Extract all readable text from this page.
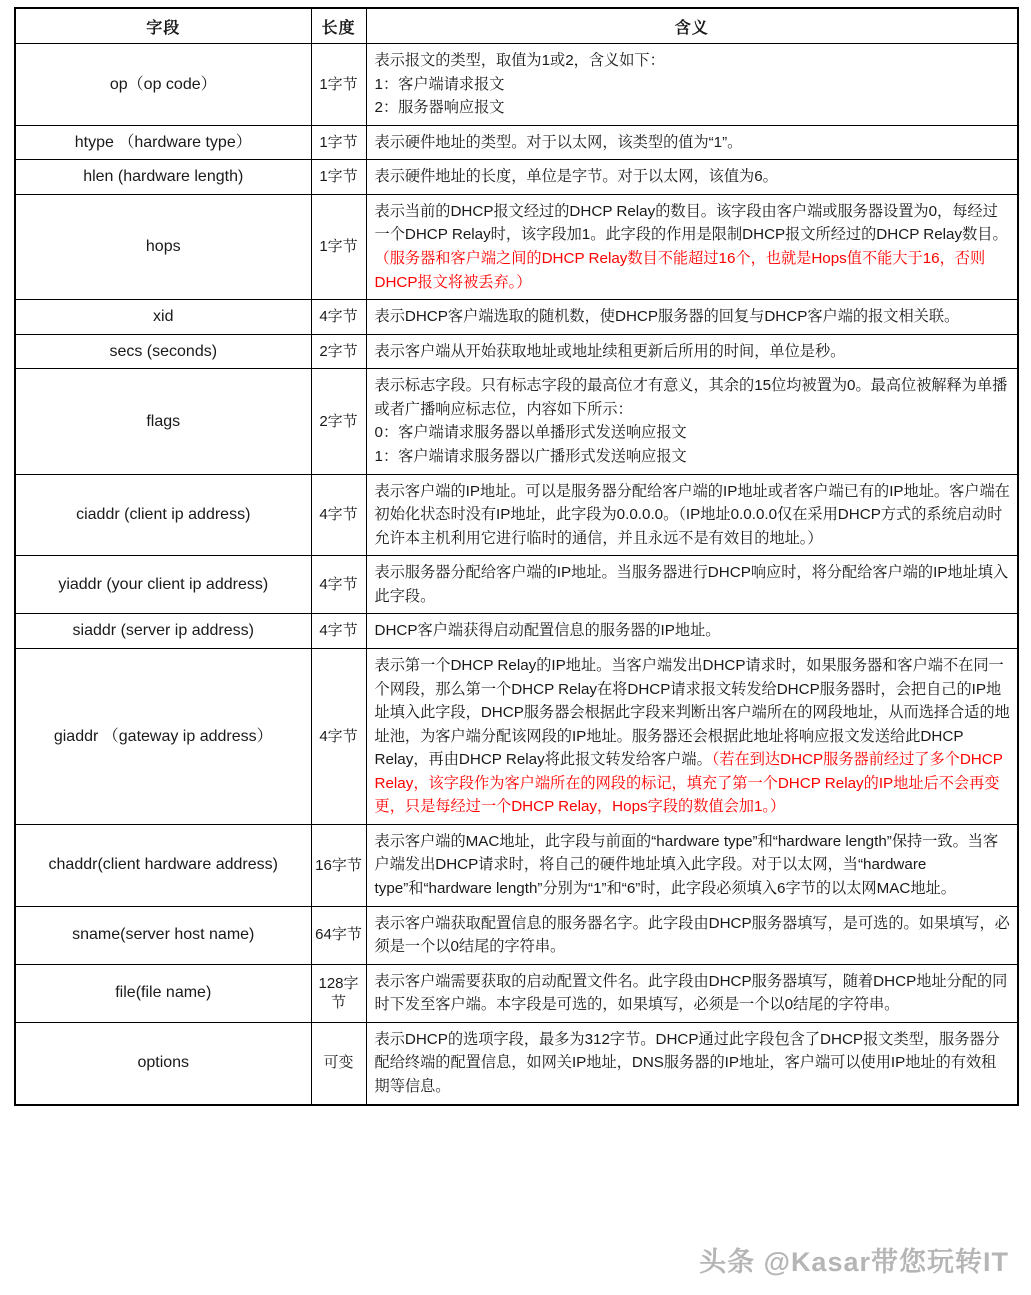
字段	长度	含义
op（op code）	1字节	表示报文的类型，取值为1或2，含义如下：
1：客户端请求报文
2：服务器响应报文

htype （hardware type）	1字节	表示硬件地址的类型。对于以太网，该类型的值为“1”。
hlen (hardware length)	1字节	表示硬件地址的长度，单位是字节。对于以太网，该值为6。
hops	1字节	表示当前的DHCP报文经过的DHCP Relay的数目。该字段由客户端或服务器设置为0，每经过一个DHCP Relay时，该字段加1。此字段的作用是限制DHCP报文所经过的DHCP Relay数目。（服务器和客户端之间的DHCP Relay数目不能超过16个，也就是Hops值不能大于16，否则DHCP报文将被丢弃。）
xid	4字节	表示DHCP客户端选取的随机数，使DHCP服务器的回复与DHCP客户端的报文相关联。
secs (seconds)	2字节	表示客户端从开始获取地址或地址续租更新后所用的时间，单位是秒。
flags	2字节	表示标志字段。只有标志字段的最高位才有意义，其余的15位均被置为0。最高位被解释为单播或者广播响应标志位，内容如下所示：
0：客户端请求服务器以单播形式发送响应报文
1：客户端请求服务器以广播形式发送响应报文

ciaddr (client ip address)	4字节	表示客户端的IP地址。可以是服务器分配给客户端的IP地址或者客户端已有的IP地址。客户端在初始化状态时没有IP地址，此字段为0.0.0.0。（IP地址0.0.0.0仅在采用DHCP方式的系统启动时允许本主机利用它进行临时的通信，并且永远不是有效目的地址。）
yiaddr (your client ip address)	4字节	表示服务器分配给客户端的IP地址。当服务器进行DHCP响应时，将分配给客户端的IP地址填入此字段。
siaddr (server ip address)	4字节	DHCP客户端获得启动配置信息的服务器的IP地址。
giaddr （gateway ip address）	4字节	表示第一个DHCP Relay的IP地址。当客户端发出DHCP请求时，如果服务器和客户端不在同一个网段，那么第一个DHCP Relay在将DHCP请求报文转发给DHCP服务器时，会把自己的IP地址填入此字段，DHCP服务器会根据此字段来判断出客户端所在的网段地址，从而选择合适的地址池，为客户端分配该网段的IP地址。服务器还会根据此地址将响应报文发送给此DHCP Relay，再由DHCP Relay将此报文转发给客户端。（若在到达DHCP服务器前经过了多个DHCP Relay，该字段作为客户端所在的网段的标记，填充了第一个DHCP Relay的IP地址后不会再变更，只是每经过一个DHCP Relay，Hops字段的数值会加1。）
chaddr(client hardware address)	16字节	表示客户端的MAC地址，此字段与前面的“hardware type”和“hardware length”保持一致。当客户端发出DHCP请求时，将自己的硬件地址填入此字段。对于以太网，当“hardware type”和“hardware length”分别为“1”和“6”时，此字段必须填入6字节的以太网MAC地址。
sname(server host name)	64字节	表示客户端获取配置信息的服务器名字。此字段由DHCP服务器填写，是可选的。如果填写，必须是一个以0结尾的字符串。
file(file name)	128字节	表示客户端需要获取的启动配置文件名。此字段由DHCP服务器填写，随着DHCP地址分配的同时下发至客户端。本字段是可选的，如果填写，必须是一个以0结尾的字符串。
options	可变	表示DHCP的选项字段，最多为312字节。DHCP通过此字段包含了DHCP报文类型，服务器分配给终端的配置信息，如网关IP地址，DNS服务器的IP地址，客户端可以使用IP地址的有效租期等信息。
头条 @Kasar带您玩转IT
